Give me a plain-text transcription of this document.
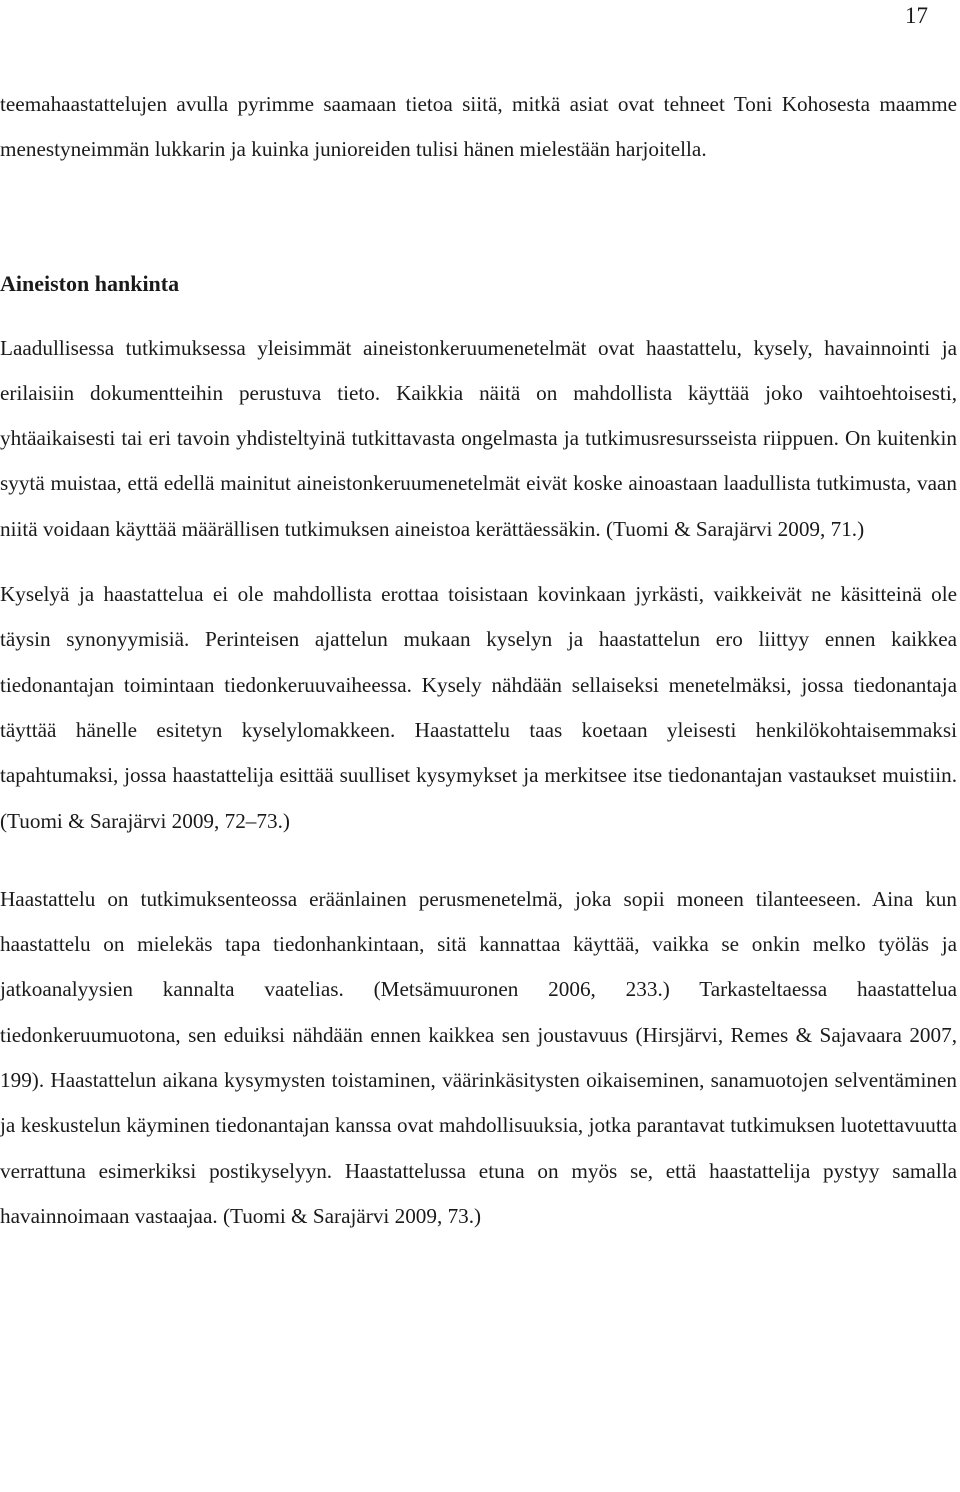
17

teemahaastattelujen avulla pyrimme saamaan tietoa siitä, mitkä asiat ovat tehneet Toni Kohosesta maamme menestyneimmän lukkarin ja kuinka junioreiden tulisi hänen mielestään harjoitella.

Aineiston hankinta

Laadullisessa tutkimuksessa yleisimmät aineistonkeruumenetelmät ovat haastattelu, kysely, havainnointi ja erilaisiin dokumentteihin perustuva tieto. Kaikkia näitä on mahdollista käyttää joko vaihtoehtoisesti, yhtäaikaisesti tai eri tavoin yhdisteltyinä tutkittavasta ongelmasta ja tutkimusresursseista riippuen. On kuitenkin syytä muistaa, että edellä mainitut aineistonkeruumenetelmät eivät koske ainoastaan laadullista tutkimusta, vaan niitä voidaan käyttää määrällisen tutkimuksen aineistoa kerättäessäkin. (Tuomi & Sarajärvi 2009, 71.)

Kyselyä ja haastattelua ei ole mahdollista erottaa toisistaan kovinkaan jyrkästi, vaikkeivät ne käsitteinä ole täysin synonyymisiä. Perinteisen ajattelun mukaan kyselyn ja haastattelun ero liittyy ennen kaikkea tiedonantajan toimintaan tiedonkeruuvaiheessa. Kysely nähdään sellaiseksi menetelmäksi, jossa tiedonantaja täyttää hänelle esitetyn kyselylomakkeen. Haastattelu taas koetaan yleisesti henkilökohtaisemmaksi tapahtumaksi, jossa haastattelija esittää suulliset kysymykset ja merkitsee itse tiedonantajan vastaukset muistiin. (Tuomi & Sarajärvi 2009, 72–73.)

Haastattelu on tutkimuksenteossa eräänlainen perusmenetelmä, joka sopii moneen tilanteeseen. Aina kun haastattelu on mielekäs tapa tiedonhankintaan, sitä kannattaa käyttää, vaikka se onkin melko työläs ja jatkoanalyysien kannalta vaatelias. (Metsämuuronen 2006, 233.) Tarkasteltaessa haastattelua tiedonkeruumuotona, sen eduiksi nähdään ennen kaikkea sen joustavuus (Hirsjärvi, Remes & Sajavaara 2007, 199). Haastattelun aikana kysymysten toistaminen, väärinkäsitysten oikaiseminen, sanamuotojen selventäminen ja keskustelun käyminen tiedonantajan kanssa ovat mahdollisuuksia, jotka parantavat tutkimuksen luotettavuutta verrattuna esimerkiksi postikyselyyn. Haastattelussa etuna on myös se, että haastattelija pystyy samalla havainnoimaan vastaajaa. (Tuomi & Sarajärvi 2009, 73.)
